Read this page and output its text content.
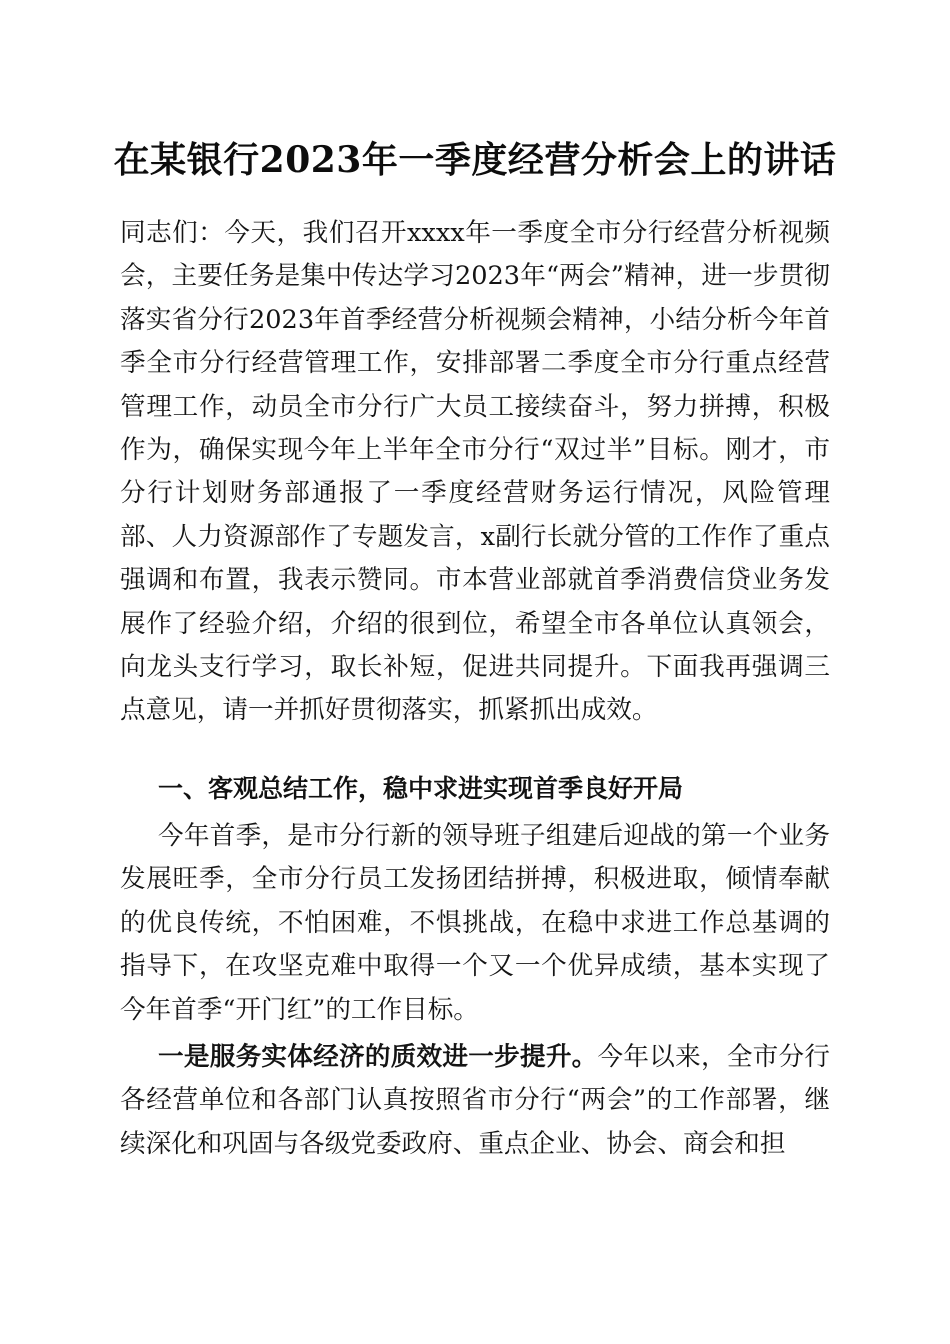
在某银行2023年一季度经营分析会上的讲话

同志们：今天，我们召开xxxx年一季度全市分行经营分析视频会，主要任务是集中传达学习2023年“两会”精神，进一步贯彻落实省分行2023年首季经营分析视频会精神，小结分析今年首季全市分行经营管理工作，安排部署二季度全市分行重点经营管理工作，动员全市分行广大员工接续奋斗，努力拼搏，积极作为，确保实现今年上半年全市分行“双过半”目标。刚才，市分行计划财务部通报了一季度经营财务运行情况，风险管理部、人力资源部作了专题发言，x副行长就分管的工作作了重点强调和布置，我表示赞同。市本营业部就首季消费信贷业务发展作了经验介绍，介绍的很到位，希望全市各单位认真领会，向龙头支行学习，取长补短，促进共同提升。下面我再强调三点意见，请一并抓好贯彻落实，抓紧抓出成效。

一、客观总结工作，稳中求进实现首季良好开局

今年首季，是市分行新的领导班子组建后迎战的第一个业务发展旺季，全市分行员工发扬团结拼搏，积极进取，倾情奉献的优良传统，不怕困难，不惧挑战，在稳中求进工作总基调的指导下，在攻坚克难中取得一个又一个优异成绩，基本实现了今年首季“开门红”的工作目标。

一是服务实体经济的质效进一步提升。今年以来，全市分行各经营单位和各部门认真按照省市分行“两会”的工作部署，继续深化和巩固与各级党委政府、重点企业、协会、商会和担
